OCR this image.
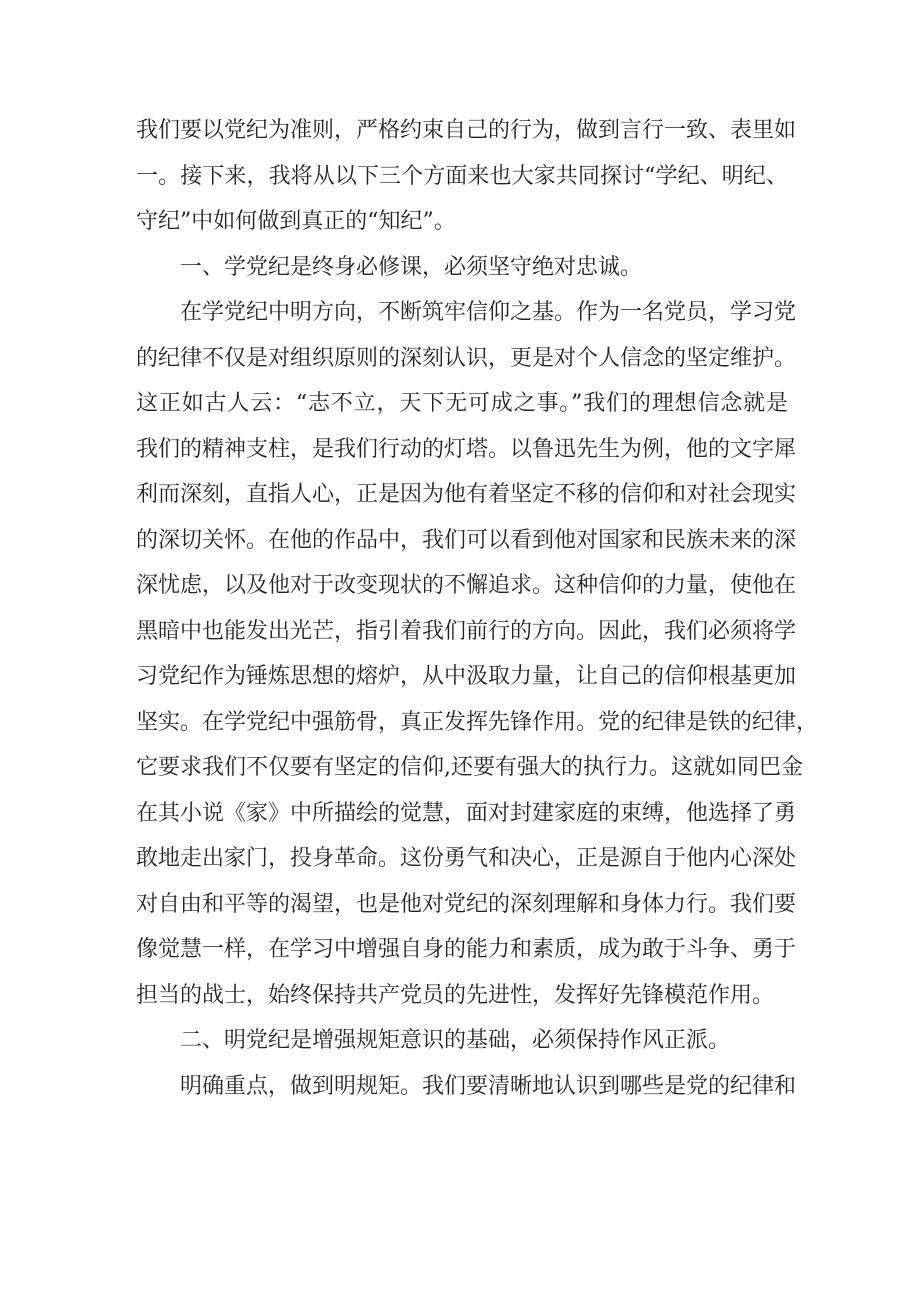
我们要以党纪为准则，严格约束自己的行为，做到言行一致、表里如
一。接下来，我将从以下三个方面来也大家共同探讨“学纪、明纪、
守纪”中如何做到真正的“知纪”。
一、学党纪是终身必修课，必须坚守绝对忠诚。
在学党纪中明方向，不断筑牢信仰之基。作为一名党员，学习党
的纪律不仅是对组织原则的深刻认识，更是对个人信念的坚定维护。
这正如古人云：“志不立，天下无可成之事。”我们的理想信念就是
我们的精神支柱，是我们行动的灯塔。以鲁迅先生为例，他的文字犀
利而深刻，直指人心，正是因为他有着坚定不移的信仰和对社会现实
的深切关怀。在他的作品中，我们可以看到他对国家和民族未来的深
深忧虑，以及他对于改变现状的不懈追求。这种信仰的力量，使他在
黑暗中也能发出光芒，指引着我们前行的方向。因此，我们必须将学
习党纪作为锤炼思想的熔炉，从中汲取力量，让自己的信仰根基更加
坚实。在学党纪中强筋骨，真正发挥先锋作用。党的纪律是铁的纪律，
它要求我们不仅要有坚定的信仰,还要有强大的执行力。这就如同巴金
在其小说《家》中所描绘的觉慧，面对封建家庭的束缚，他选择了勇
敢地走出家门，投身革命。这份勇气和决心，正是源自于他内心深处
对自由和平等的渴望，也是他对党纪的深刻理解和身体力行。我们要
像觉慧一样，在学习中增强自身的能力和素质，成为敢于斗争、勇于
担当的战士，始终保持共产党员的先进性，发挥好先锋模范作用。
二、明党纪是增强规矩意识的基础，必须保持作风正派。
明确重点，做到明规矩。我们要清晰地认识到哪些是党的纪律和
